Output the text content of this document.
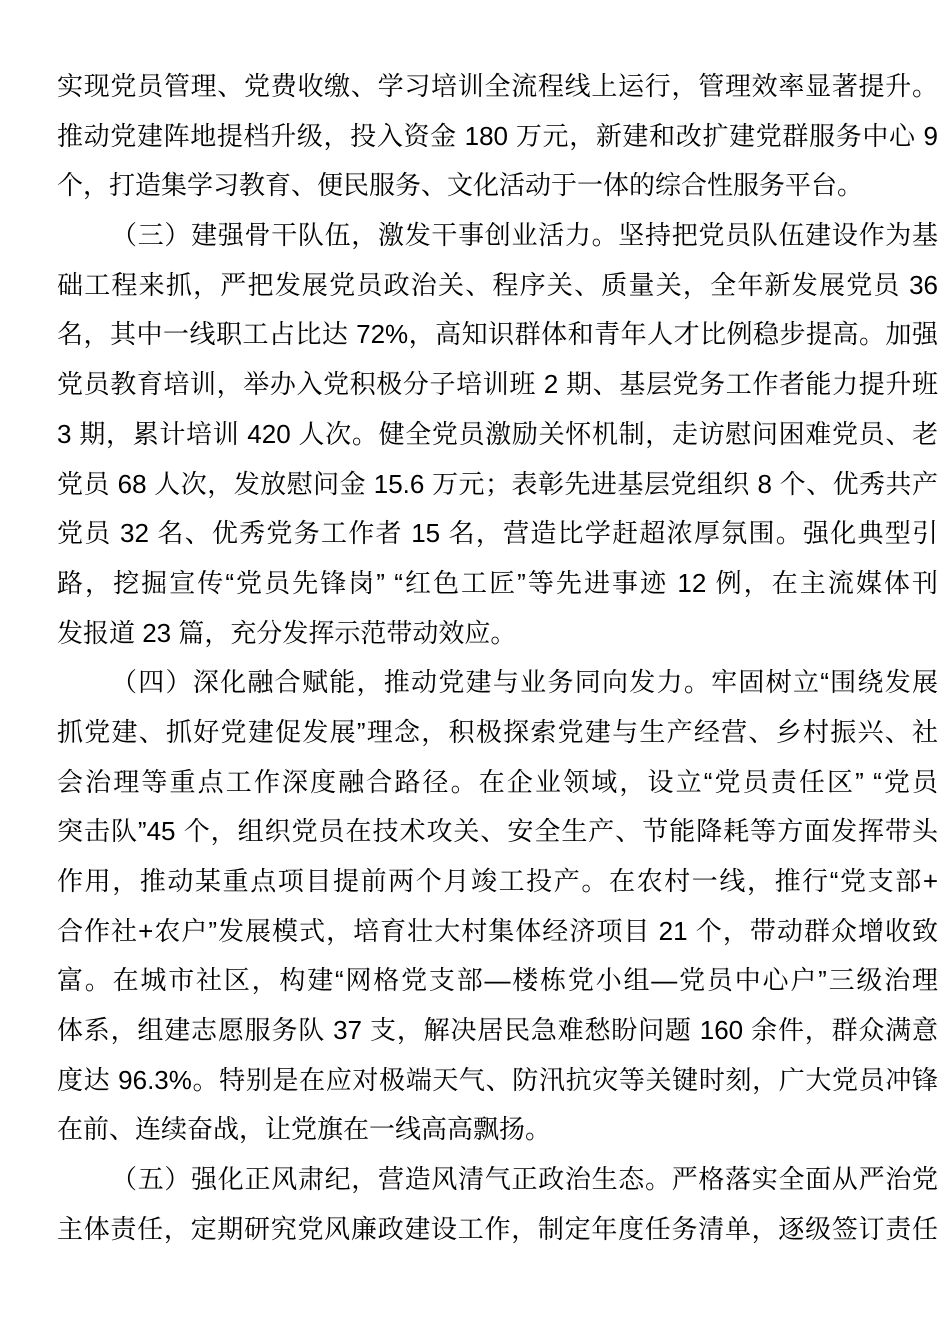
实现党员管理、党费收缴、学习培训全流程线上运行，管理效率显著提升。
推动党建阵地提档升级，投入资金 180 万元，新建和改扩建党群服务中心 9
个，打造集学习教育、便民服务、文化活动于一体的综合性服务平台。
（三）建强骨干队伍，激发干事创业活力。坚持把党员队伍建设作为基
础工程来抓，严把发展党员政治关、程序关、质量关，全年新发展党员 36
名，其中一线职工占比达 72%，高知识群体和青年人才比例稳步提高。加强
党员教育培训，举办入党积极分子培训班 2 期、基层党务工作者能力提升班
3 期，累计培训 420 人次。健全党员激励关怀机制，走访慰问困难党员、老
党员 68 人次，发放慰问金 15.6 万元；表彰先进基层党组织 8 个、优秀共产
党员 32 名、优秀党务工作者 15 名，营造比学赶超浓厚氛围。强化典型引
路，挖掘宣传“党员先锋岗” “红色工匠”等先进事迹 12 例，在主流媒体刊
发报道 23 篇，充分发挥示范带动效应。
（四）深化融合赋能，推动党建与业务同向发力。牢固树立“围绕发展
抓党建、抓好党建促发展”理念，积极探索党建与生产经营、乡村振兴、社
会治理等重点工作深度融合路径。在企业领域，设立“党员责任区” “党员
突击队”45 个，组织党员在技术攻关、安全生产、节能降耗等方面发挥带头
作用，推动某重点项目提前两个月竣工投产。在农村一线，推行“党支部+
合作社+农户”发展模式，培育壮大村集体经济项目 21 个，带动群众增收致
富。在城市社区，构建“网格党支部—楼栋党小组—党员中心户”三级治理
体系，组建志愿服务队 37 支，解决居民急难愁盼问题 160 余件，群众满意
度达 96.3%。特别是在应对极端天气、防汛抗灾等关键时刻，广大党员冲锋
在前、连续奋战，让党旗在一线高高飘扬。
（五）强化正风肃纪，营造风清气正政治生态。严格落实全面从严治党
主体责任，定期研究党风廉政建设工作，制定年度任务清单，逐级签订责任
